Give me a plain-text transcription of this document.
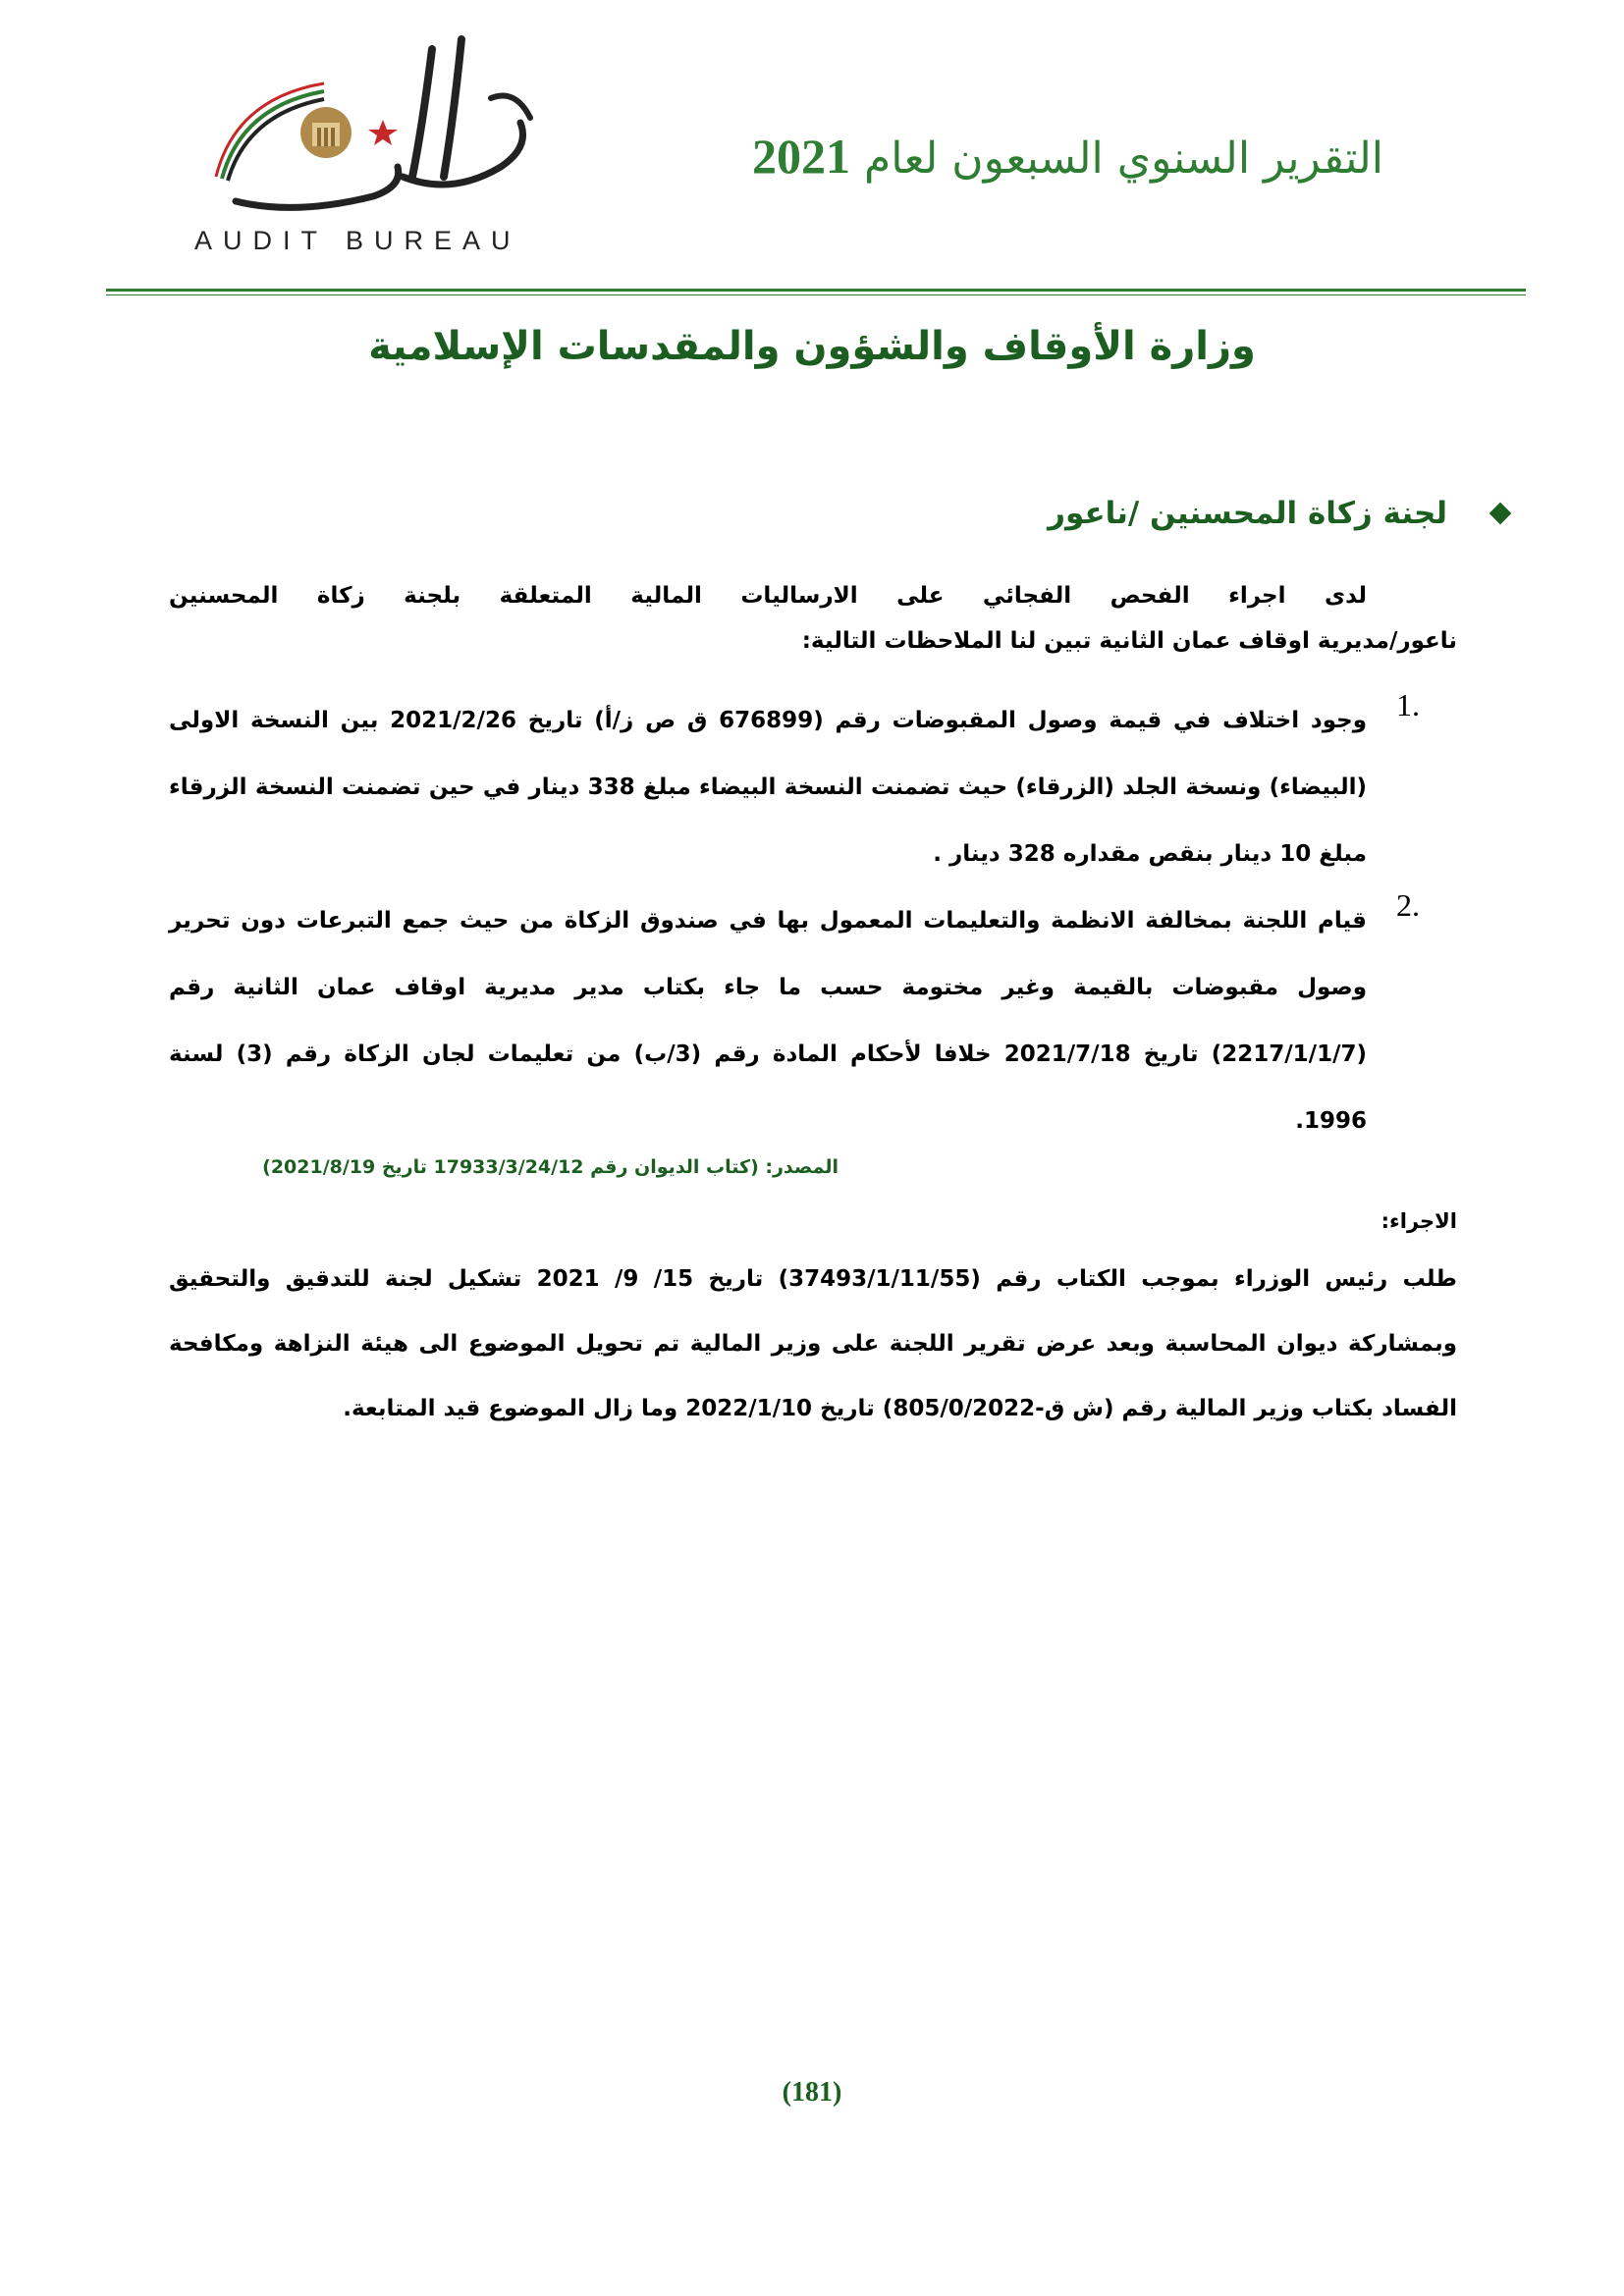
AUDIT BUREAU
التقرير السنوي السبعون لعام 2021
وزارة الأوقاف والشؤون والمقدسات الإسلامية
لجنة زكاة المحسنين /ناعور
لدى اجراء الفحص الفجائي على الارساليات المالية المتعلقة بلجنة زكاة المحسنين
ناعور/مديرية اوقاف عمان الثانية تبين لنا الملاحظات التالية:
1.
وجود اختلاف في قيمة وصول المقبوضات رقم (676899 ق ص ز/أ) تاريخ 2021/2/26 بين النسخة الاولى (البيضاء) ونسخة الجلد (الزرقاء) حيث تضمنت النسخة البيضاء مبلغ 338 دينار في حين تضمنت النسخة الزرقاء مبلغ 10 دينار بنقص مقداره 328 دينار .
2.
قيام اللجنة بمخالفة الانظمة والتعليمات المعمول بها في صندوق الزكاة من حيث جمع التبرعات دون تحرير وصول مقبوضات بالقيمة وغير مختومة حسب ما جاء بكتاب مدير مديرية اوقاف عمان الثانية رقم (2217/1/1/7) تاريخ 2021/7/18 خلافا لأحكام المادة رقم (3/ب) من تعليمات لجان الزكاة رقم (3) لسنة 1996.
المصدر: (كتاب الديوان رقم 17933/3/24/12 تاريخ 2021/8/19)
الاجراء:
طلب رئيس الوزراء بموجب الكتاب رقم (37493/1/11/55) تاريخ 15/ 9/ 2021 تشكيل لجنة للتدقيق والتحقيق وبمشاركة ديوان المحاسبة وبعد عرض تقرير اللجنة على وزير المالية تم تحويل الموضوع الى هيئة النزاهة ومكافحة الفساد بكتاب وزير المالية رقم (ش ق-805/0/2022) تاريخ 2022/1/10 وما زال الموضوع قيد المتابعة.
(181)
